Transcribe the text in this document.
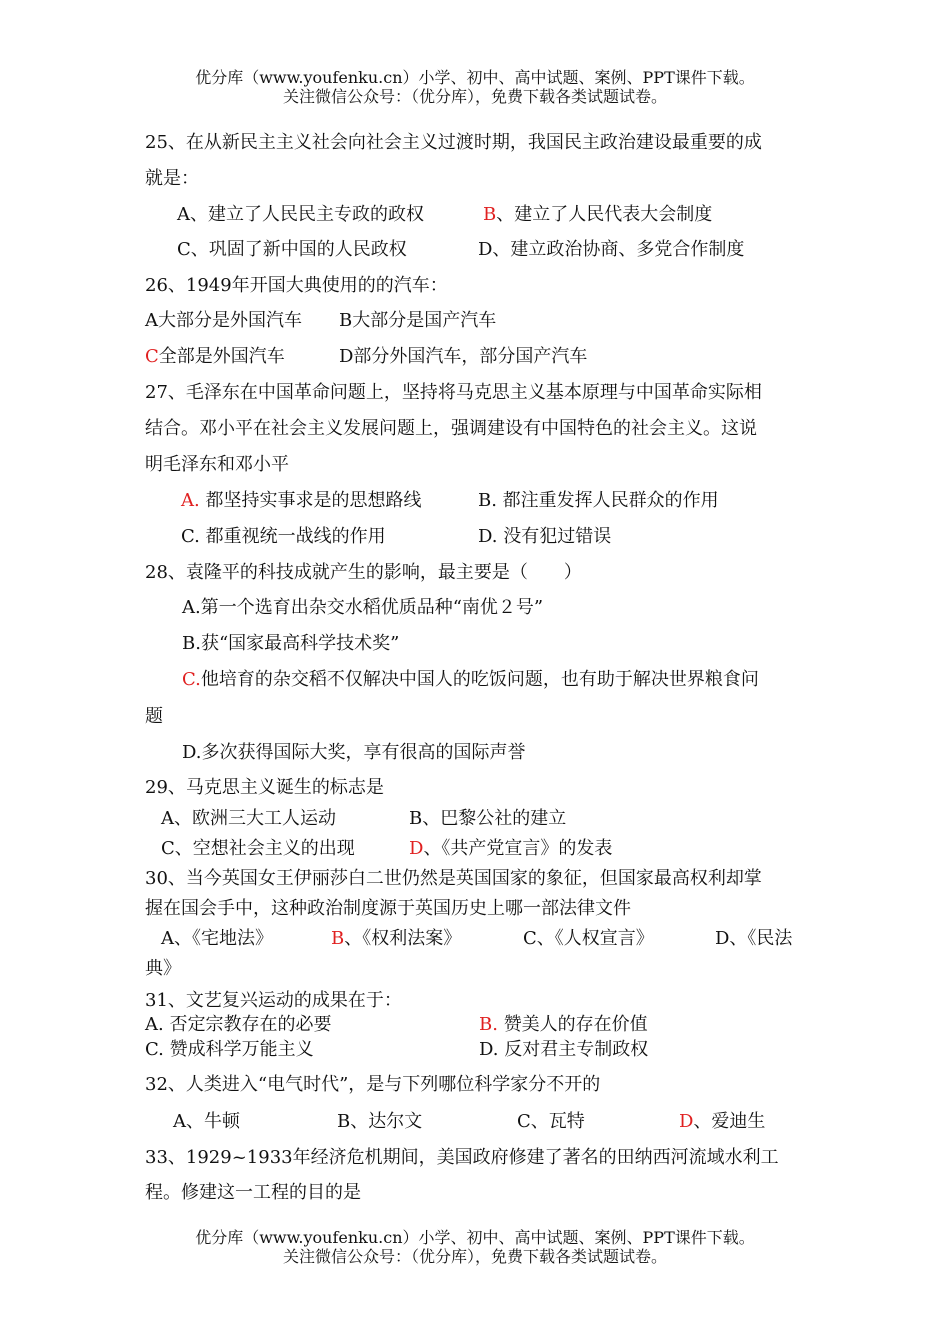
优分库（www.youfenku.cn）小学、初中、高中试题、案例、PPT课件下载。
关注微信公众号：（优分库），免费下载各类试题试卷。
25、在从新民主主义社会向社会主义过渡时期，我国民主政治建设最重要的成
就是：
A、建立了人民民主专政的政权	B、建立了人民代表大会制度
C、巩固了新中国的人民政权	D、建立政治协商、多党合作制度
26、1949年开国大典使用的的汽车：
A大部分是外国汽车 B大部分是国产汽车
C全部是外国汽车	D部分外国汽车，部分国产汽车
27、毛泽东在中国革命问题上，坚持将马克思主义基本原理与中国革命实际相
结合。邓小平在社会主义发展问题上，强调建设有中国特色的社会主义。这说
明毛泽东和邓小平
A. 都坚持实事求是的思想路线	B. 都注重发挥人民群众的作用
C. 都重视统一战线的作用	D. 没有犯过错误
28、袁隆平的科技成就产生的影响，最主要是（　　）
A.第一个选育出杂交水稻优质品种“南优２号”
B.获“国家最高科学技术奖”
C.他培育的杂交稻不仅解决中国人的吃饭问题，也有助于解决世界粮食问
题
D.多次获得国际大奖，享有很高的国际声誉
29、马克思主义诞生的标志是
A、欧洲三大工人运动	B、巴黎公社的建立
C、空想社会主义的出现	D、《共产党宣言》的发表
30、当今英国女王伊丽莎白二世仍然是英国国家的象征，但国家最高权利却掌
握在国会手中，这种政治制度源于英国历史上哪一部法律文件
A、《宅地法》	B、《权利法案》	C、《人权宣言》	D、《民法
典》
31、文艺复兴运动的成果在于：
A. 否定宗教存在的必要	B. 赞美人的存在价值
C. 赞成科学万能主义	D. 反对君主专制政权
32、人类进入“电气时代”，是与下列哪位科学家分不开的
A、牛顿	B、达尔文	C、瓦特	D、爱迪生
33、1929~1933年经济危机期间，美国政府修建了著名的田纳西河流域水利工
程。修建这一工程的目的是
优分库（www.youfenku.cn）小学、初中、高中试题、案例、PPT课件下载。
关注微信公众号：（优分库），免费下载各类试题试卷。
